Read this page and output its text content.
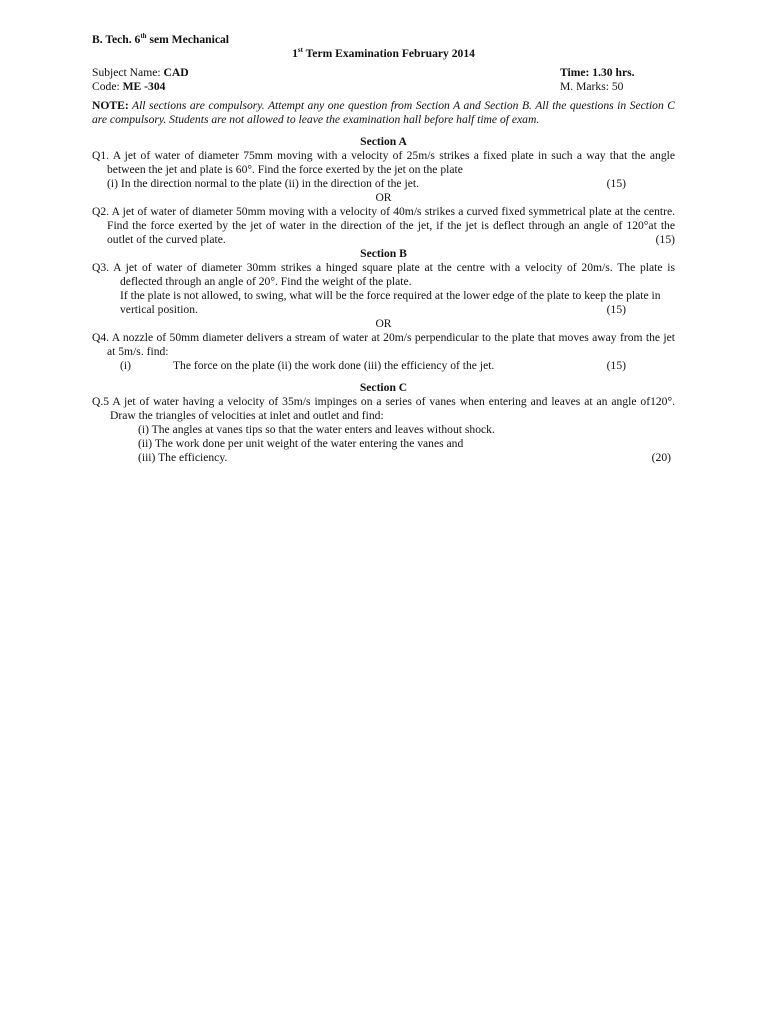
B. Tech. 6th sem Mechanical
1st Term Examination February 2014
Subject Name: CAD	Time: 1.30 hrs.
Code: ME -304	M. Marks: 50
NOTE: All sections are compulsory. Attempt any one question from Section A and Section B. All the questions in Section C are compulsory. Students are not allowed to leave the examination hall before half time of exam.
Section A
Q1. A jet of water of diameter 75mm moving with a velocity of 25m/s strikes a fixed plate in such a way that the angle between the jet and plate is 60°. Find the force exerted by the jet on the plate
(i) In the direction normal to the plate (ii) in the direction of the jet.	(15)
OR
Q2. A jet of water of diameter 50mm moving with a velocity of 40m/s strikes a curved fixed symmetrical plate at the centre. Find the force exerted by the jet of water in the direction of the jet, if the jet is deflect through an angle of 120°at the outlet of the curved plate.	(15)
Section B
Q3. A jet of water of diameter 30mm strikes a hinged square plate at the centre with a velocity of 20m/s. The plate is deflected through an angle of 20°. Find the weight of the plate.
If the plate is not allowed, to swing, what will be the force required at the lower edge of the plate to keep the plate in vertical position.	(15)
OR
Q4. A nozzle of 50mm diameter delivers a stream of water at 20m/s perpendicular to the plate that moves away from the jet at 5m/s. find:
(i)	The force on the plate (ii) the work done (iii) the efficiency of the jet.	(15)
Section C
Q.5 A jet of water having a velocity of 35m/s impinges on a series of vanes when entering and leaves at an angle of120°. Draw the triangles of velocities at inlet and outlet and find:
(i) The angles at vanes tips so that the water enters and leaves without shock.
(ii) The work done per unit weight of the water entering the vanes and
(iii) The efficiency.	(20)
